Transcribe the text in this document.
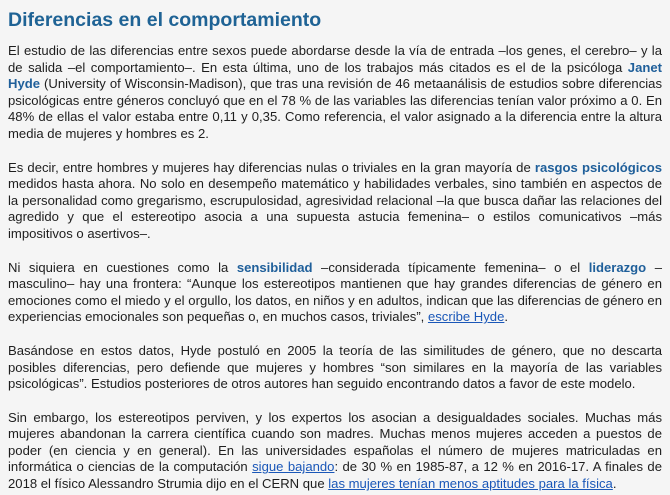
Diferencias en el comportamiento

El estudio de las diferencias entre sexos puede abordarse desde la vía de entrada –los genes, el cerebro– y la de salida –el comportamiento–. En esta última, uno de los trabajos más citados es el de la psicóloga Janet Hyde (University of Wisconsin-Madison), que tras una revisión de 46 metaanálisis de estudios sobre diferencias psicológicas entre géneros concluyó que en el 78 % de las variables las diferencias tenían valor próximo a 0. En 48% de ellas el valor estaba entre 0,11 y 0,35. Como referencia, el valor asignado a la diferencia entre la altura media de mujeres y hombres es 2.

Es decir, entre hombres y mujeres hay diferencias nulas o triviales en la gran mayoría de rasgos psicológicos medidos hasta ahora. No solo en desempeño matemático y habilidades verbales, sino también en aspectos de la personalidad como gregarismo, escrupulosidad, agresividad relacional –la que busca dañar las relaciones del agredido y que el estereotipo asocia a una supuesta astucia femenina– o estilos comunicativos –más impositivos o asertivos–.

Ni siquiera en cuestiones como la sensibilidad –considerada típicamente femenina– o el liderazgo –masculino– hay una frontera: “Aunque los estereotipos mantienen que hay grandes diferencias de género en emociones como el miedo y el orgullo, los datos, en niños y en adultos, indican que las diferencias de género en experiencias emocionales son pequeñas o, en muchos casos, triviales”, escribe Hyde.

Basándose en estos datos, Hyde postuló en 2005 la teoría de las similitudes de género, que no descarta posibles diferencias, pero defiende que mujeres y hombres “son similares en la mayoría de las variables psicológicas”. Estudios posteriores de otros autores han seguido encontrando datos a favor de este modelo.

Sin embargo, los estereotipos perviven, y los expertos los asocian a desigualdades sociales. Muchas más mujeres abandonan la carrera científica cuando son madres. Muchas menos mujeres acceden a puestos de poder (en ciencia y en general). En las universidades españolas el número de mujeres matriculadas en informática o ciencias de la computación sigue bajando: de 30 % en 1985-87, a 12 % en 2016-17. A finales de 2018 el físico Alessandro Strumia dijo en el CERN que las mujeres tenían menos aptitudes para la física.
